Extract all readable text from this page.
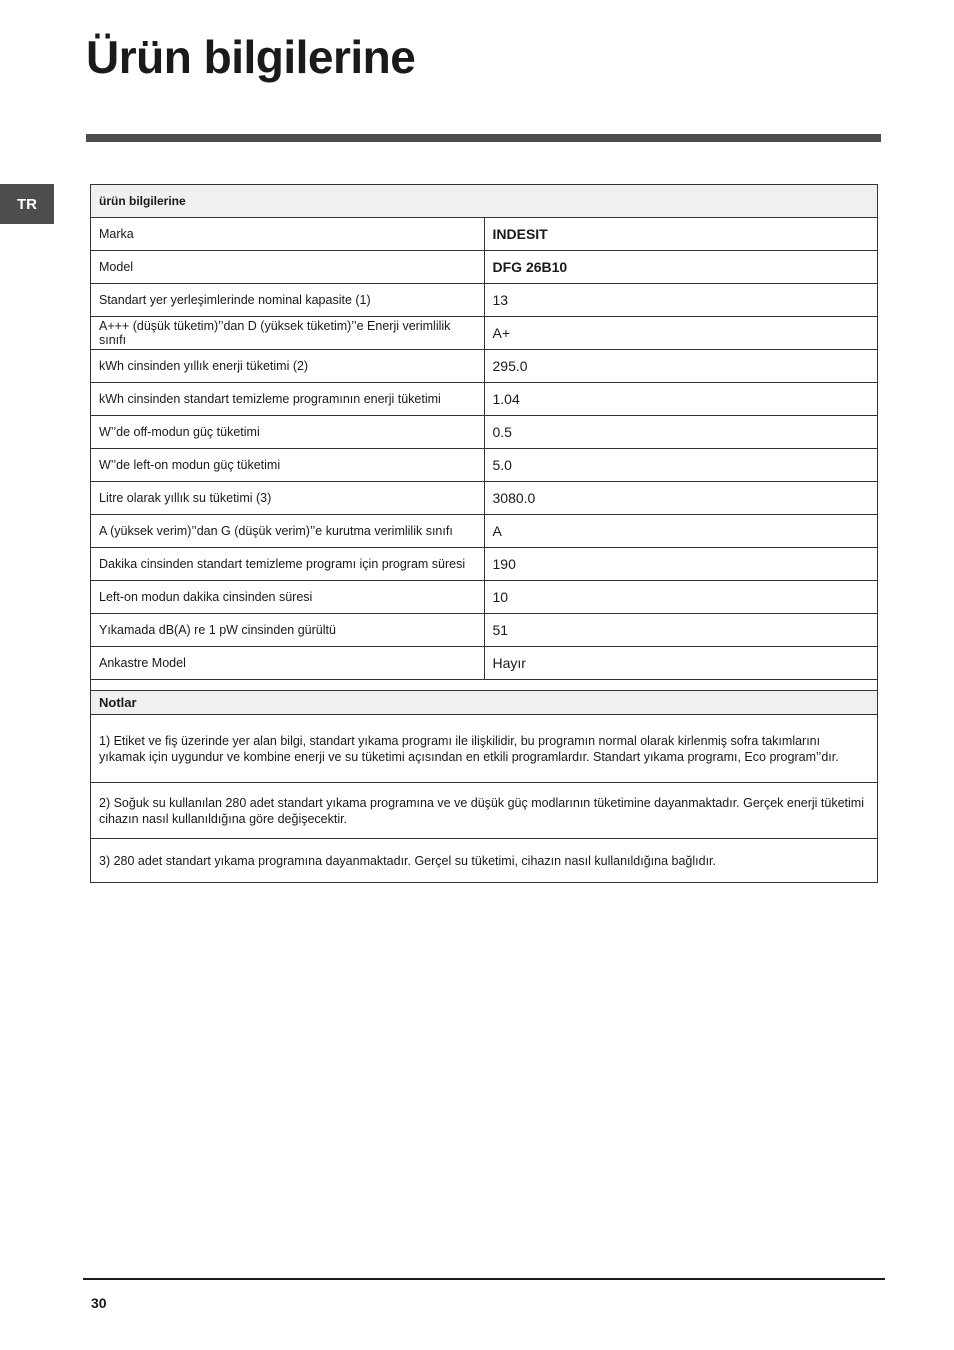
Ürün bilgilerine
TR	ürün bilgilerine	
Marka	INDESIT
Model	DFG 26B10
Standart yer yerleşimlerinde nominal kapasite (1)	13
A+++ (düşük tüketim)’’dan D (yüksek tüketim)’’e Enerji verimlilik sınıfı	A+
kWh cinsinden yıllık enerji tüketimi (2)	295.0
kWh cinsinden standart temizleme programının enerji tüketimi	1.04
W’’de off-modun güç tüketimi	0.5
W’’de left-on modun güç tüketimi	5.0
Litre olarak yıllık su tüketimi (3)	3080.0
A (yüksek verim)’’dan G (düşük verim)’’e kurutma verimlilik sınıfı	A
Dakika cinsinden standart temizleme programı için program süresi	190
Left-on modun dakika cinsinden süresi	10
Yıkamada dB(A) re 1 pW cinsinden gürültü	51
Ankastre Model	Hayır

Notlar	
1) Etiket ve fiş üzerinde yer alan bilgi, standart yıkama programı ile ilişkilidir, bu programın normal olarak kirlenmiş sofra takımlarını yıkamak için uygundur ve kombine enerji ve su tüketimi açısından en etkili programlardır. Standart yıkama programı, Eco program’’dır.	
2) Soğuk su kullanılan 280 adet standart yıkama programına ve ve düşük güç modlarının tüketimine dayanmaktadır. Gerçek enerji tüketimi cihazın nasıl kullanıldığına göre değişecektir.	
3) 280 adet standart yıkama programına dayanmaktadır. Gerçel su tüketimi, cihazın nasıl kullanıldığına bağlıdır.	
30
